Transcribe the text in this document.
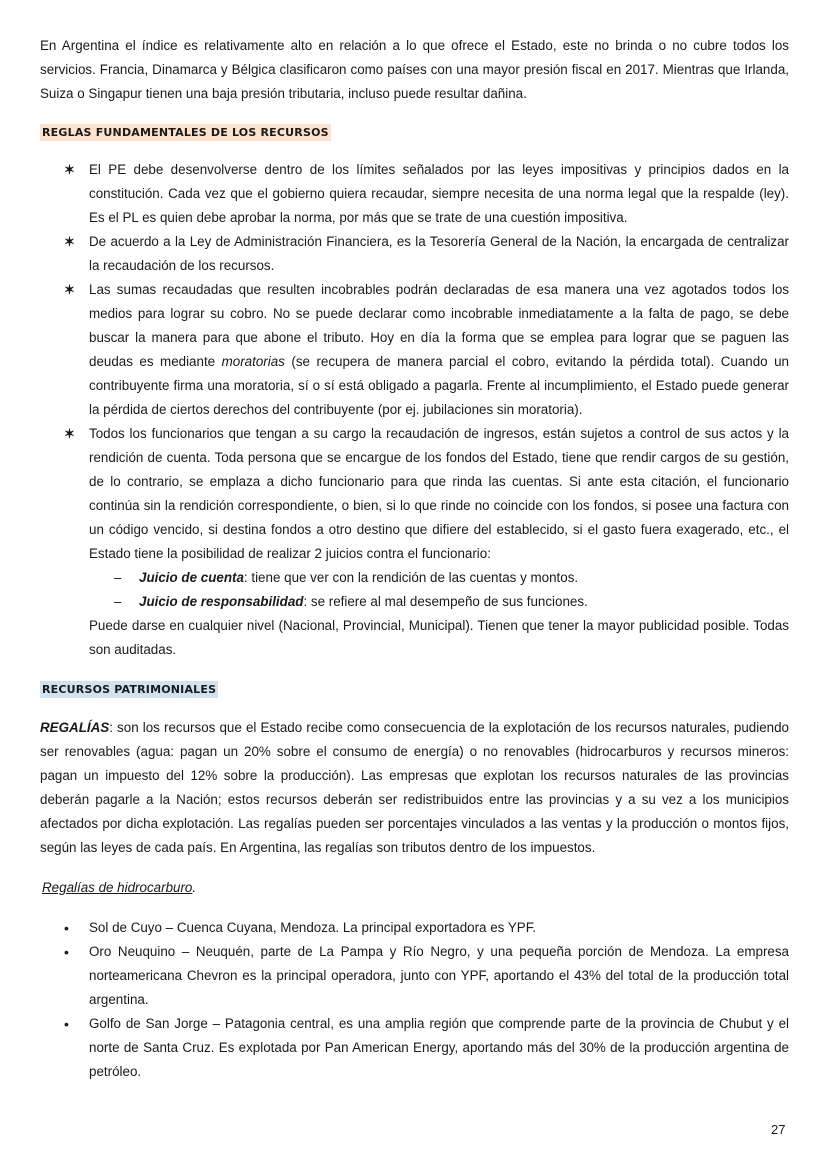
En Argentina el índice es relativamente alto en relación a lo que ofrece el Estado, este no brinda o no cubre todos los servicios. Francia, Dinamarca y Bélgica clasificaron como países con una mayor presión fiscal en 2017. Mientras que Irlanda, Suiza o Singapur tienen una baja presión tributaria, incluso puede resultar dañina.

REGLAS FUNDAMENTALES DE LOS RECURSOS
✶ El PE debe desenvolverse dentro de los límites señalados por las leyes impositivas y principios dados en la constitución. Cada vez que el gobierno quiera recaudar, siempre necesita de una norma legal que la respalde (ley). Es el PL es quien debe aprobar la norma, por más que se trate de una cuestión impositiva.
✶ De acuerdo a la Ley de Administración Financiera, es la Tesorería General de la Nación, la encargada de centralizar la recaudación de los recursos.
✶ Las sumas recaudadas que resulten incobrables podrán declaradas de esa manera una vez agotados todos los medios para lograr su cobro. No se puede declarar como incobrable inmediatamente a la falta de pago, se debe buscar la manera para que abone el tributo. Hoy en día la forma que se emplea para lograr que se paguen las deudas es mediante moratorias (se recupera de manera parcial el cobro, evitando la pérdida total). Cuando un contribuyente firma una moratoria, sí o sí está obligado a pagarla. Frente al incumplimiento, el Estado puede generar la pérdida de ciertos derechos del contribuyente (por ej. jubilaciones sin moratoria).
✶ Todos los funcionarios que tengan a su cargo la recaudación de ingresos, están sujetos a control de sus actos y la rendición de cuenta. Toda persona que se encargue de los fondos del Estado, tiene que rendir cargos de su gestión, de lo contrario, se emplaza a dicho funcionario para que rinda las cuentas. Si ante esta citación, el funcionario continúa sin la rendición correspondiente, o bien, si lo que rinde no coincide con los fondos, si posee una factura con un código vencido, si destina fondos a otro destino que difiere del establecido, si el gasto fuera exagerado, etc., el Estado tiene la posibilidad de realizar 2 juicios contra el funcionario:
– Juicio de cuenta: tiene que ver con la rendición de las cuentas y montos.
– Juicio de responsabilidad: se refiere al mal desempeño de sus funciones.

Puede darse en cualquier nivel (Nacional, Provincial, Municipal). Tienen que tener la mayor publicidad posible. Todas son auditadas.

RECURSOS PATRIMONIALES

REGALÍAS: son los recursos que el Estado recibe como consecuencia de la explotación de los recursos naturales, pudiendo ser renovables (agua: pagan un 20% sobre el consumo de energía) o no renovables (hidrocarburos y recursos mineros: pagan un impuesto del 12% sobre la producción). Las empresas que explotan los recursos naturales de las provincias deberán pagarle a la Nación; estos recursos deberán ser redistribuidos entre las provincias y a su vez a los municipios afectados por dicha explotación. Las regalías pueden ser porcentajes vinculados a las ventas y la producción o montos fijos, según las leyes de cada país. En Argentina, las regalías son tributos dentro de los impuestos.

Regalías de hidrocarburo.

• Sol de Cuyo – Cuenca Cuyana, Mendoza. La principal exportadora es YPF.
• Oro Neuquino – Neuquén, parte de La Pampa y Río Negro, y una pequeña porción de Mendoza. La empresa norteamericana Chevron es la principal operadora, junto con YPF, aportando el 43% del total de la producción total argentina.
• Golfo de San Jorge – Patagonia central, es una amplia región que comprende parte de la provincia de Chubut y el norte de Santa Cruz. Es explotada por Pan American Energy, aportando más del 30% de la producción argentina de petróleo.
27
